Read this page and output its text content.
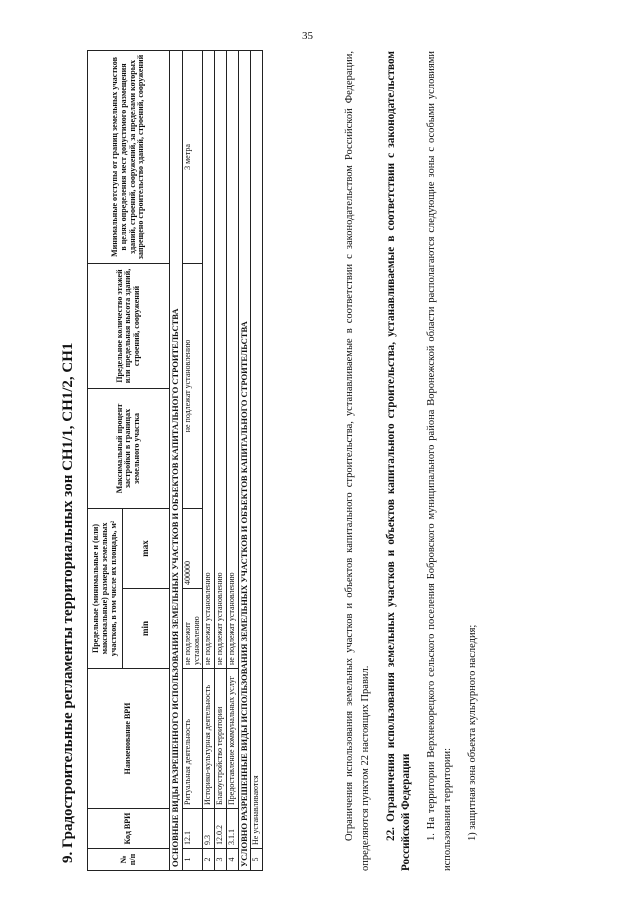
35
9. Градостроительные регламенты территориальных зон СН1/1, СН1/2, СН1	№ п/п	Код ВРИ	Наименование ВРИ	Предельные (минимальные и (или) максимальные) размеры земельных участков, в том числе их площадь, м²		Максимальный процент застройки в границах земельного участка	Предельное количество этажей или предельная высота зданий, строений, сооружений	Минимальные отступы от границ земельных участков в целях определения мест допустимого размещения зданий, строений, сооружений, за пределами которых запрещено строительство зданий, строений, сооружений
			min	max			
ОСНОВНЫЕ ВИДЫ РАЗРЕШЕННОГО ИСПОЛЬЗОВАНИЯ ЗЕМЕЛЬНЫХ УЧАСТКОВ И ОБЪЕКТОВ КАПИТАЛЬНОГО СТРОИТЕЛЬСТВА							
1	12.1	Ритуальная деятельность	не подлежит установлению	400000	не подлежат установлению		3 метра
2	9.3	Историко-культурная деятельность	не подлежат установлению				
3	12.0.2	Благоустройство территории	не подлежат установлению				
4	3.1.1	Предоставление коммунальных услуг	не подлежат установлению				
УСЛОВНО РАЗРЕШЕННЫЕ ВИДЫ ИСПОЛЬЗОВАНИЯ ЗЕМЕЛЬНЫХ УЧАСТКОВ И ОБЪЕКТОВ КАПИТАЛЬНОГО СТРОИТЕЛЬСТВА							
5	Не устанавливаются							Ограничения использования земельных участков и объектов капитального строительства, устанавливаемые в соответствии с законодательством Российской Федерации, определяются пунктом 22 настоящих Правил. 22. Ограничения использования земельных участков и объектов капитального строительства, устанавливаемые в соответствии с законодательством Российской Федерации 1. На территории Верхнекорецкого сельского поселения Бобровского муниципального района Воронежской области располагаются следующие зоны с особыми условиями использования территории:	1) защитная зона объекта культурного наследия;
